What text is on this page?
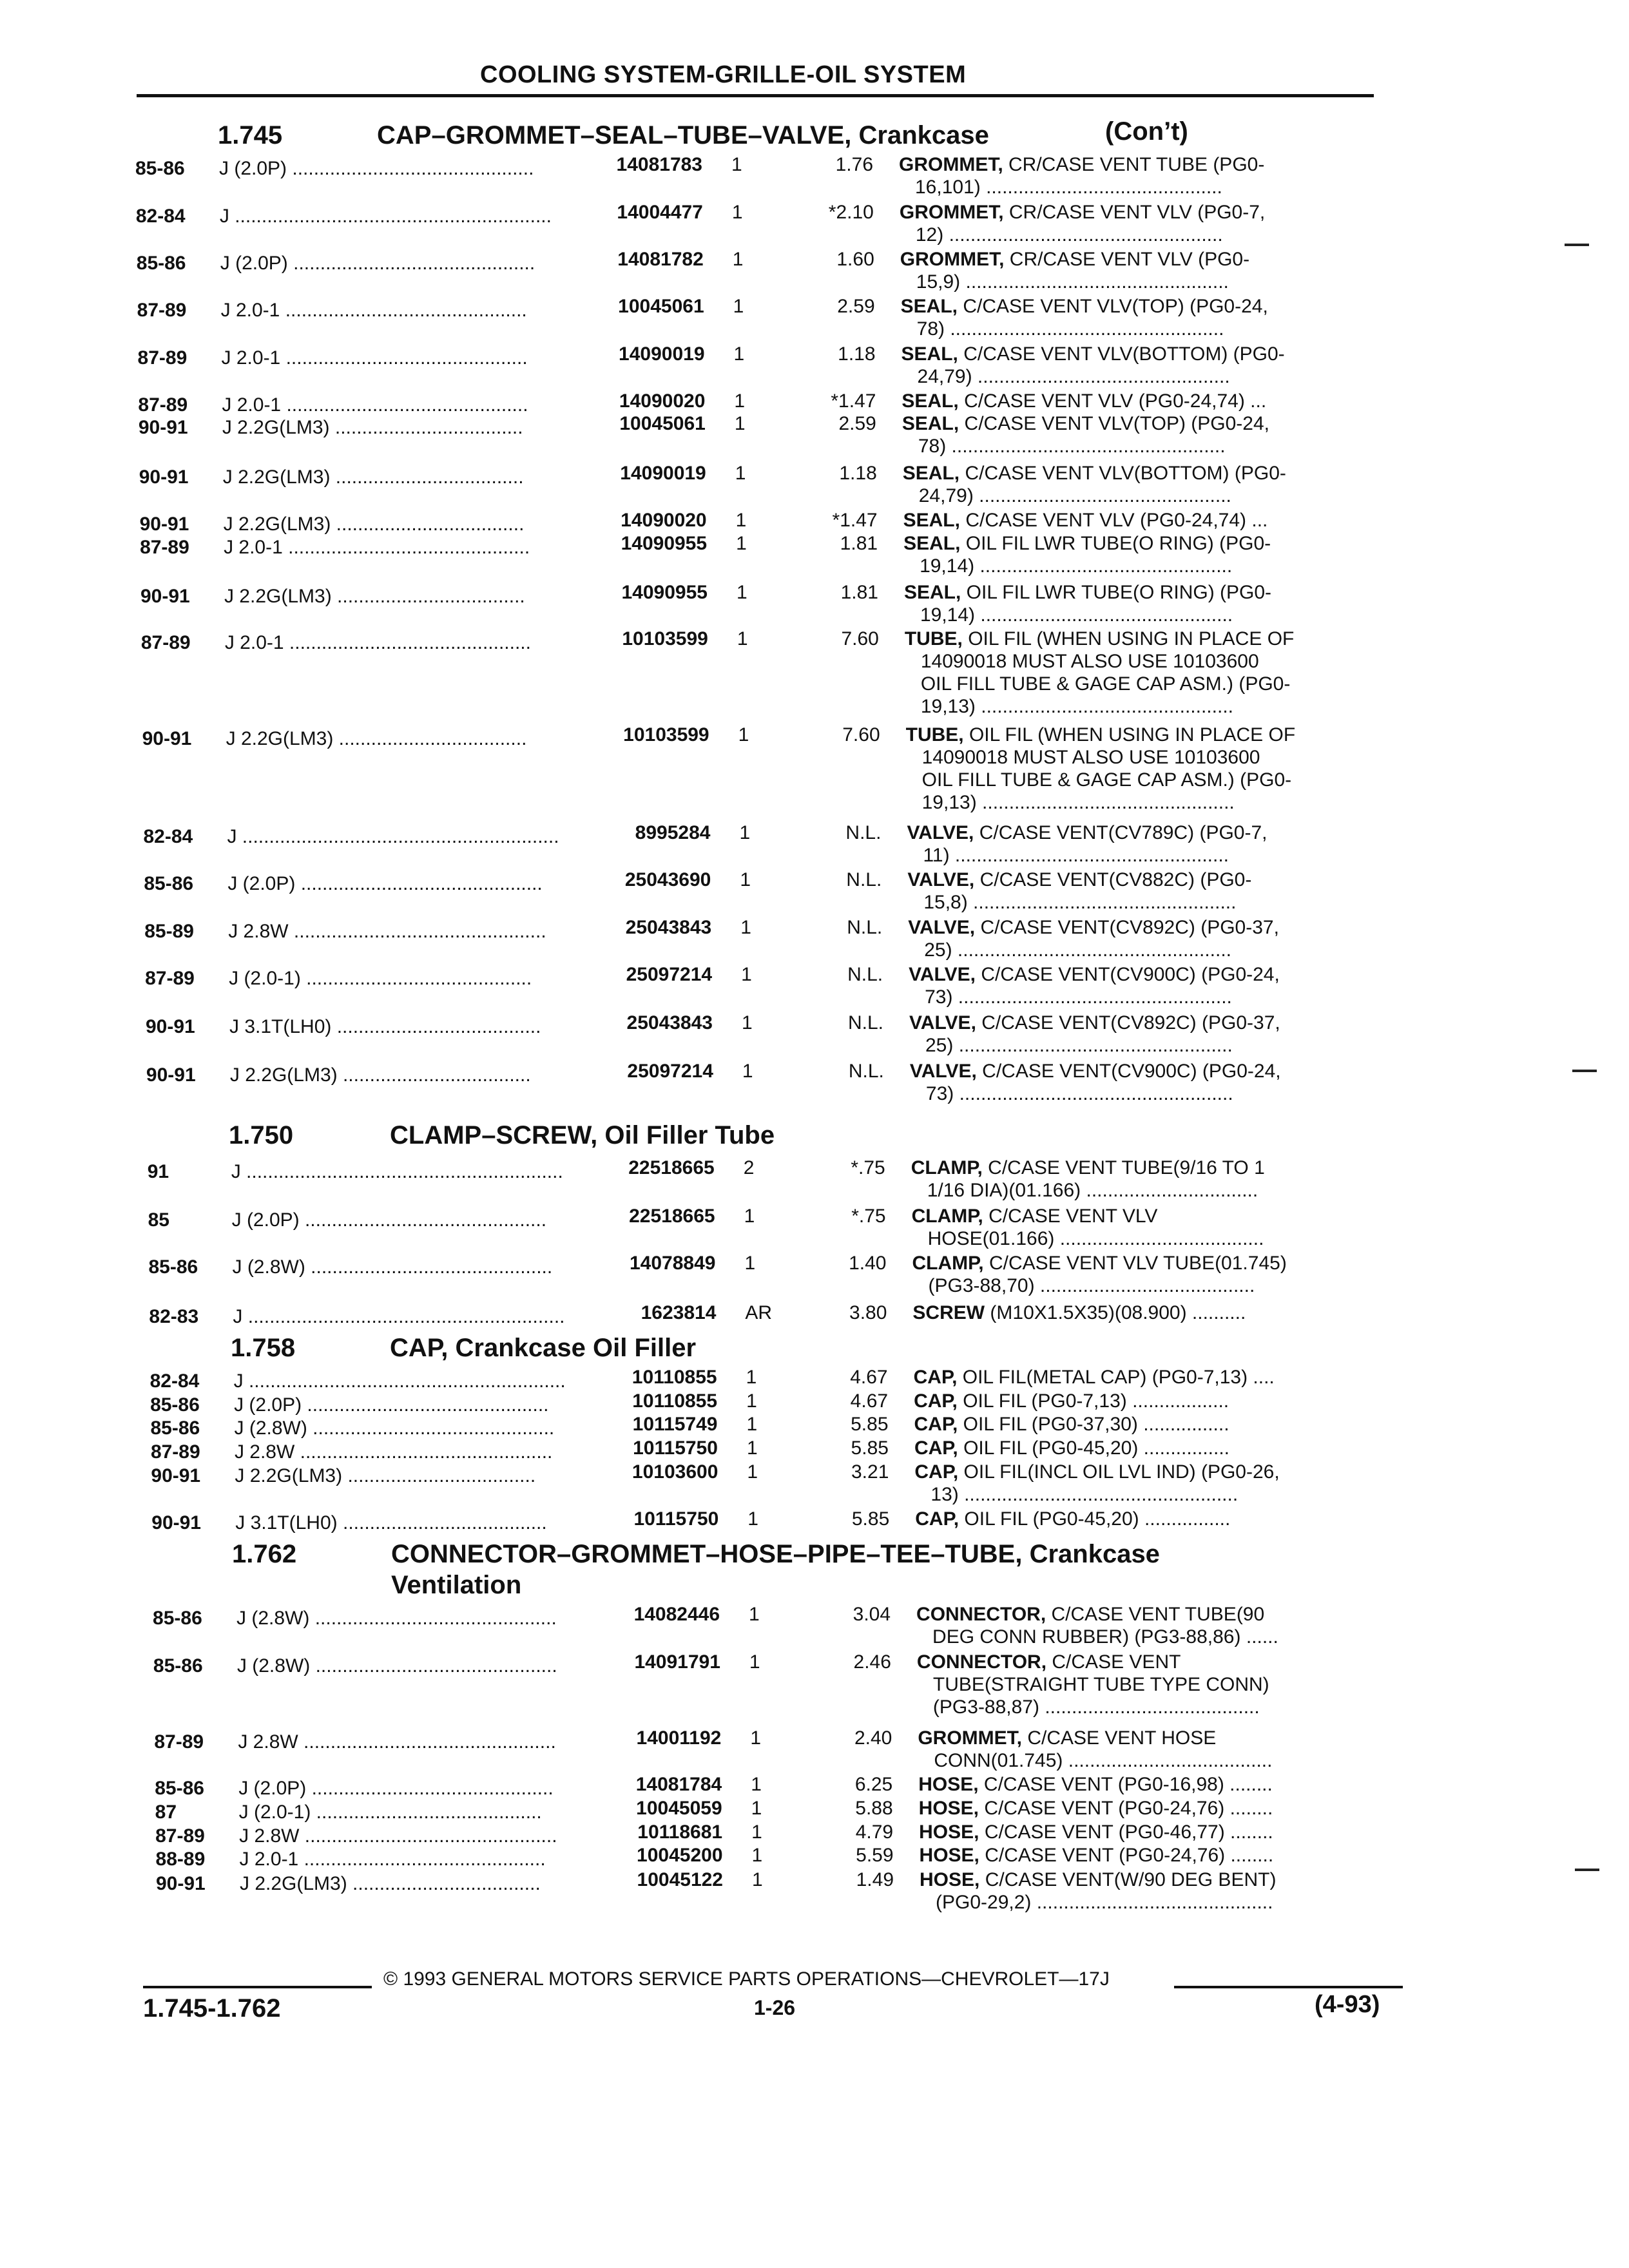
COOLING SYSTEM-GRILLE-OIL SYSTEM
1.745	CAP–GROMMET–SEAL–TUBE–VALVE, Crankcase	(Con’t)
85-86 J (2.0P) .............................................	14081783 1	1.76 GROMMET, CR/CASE VENT TUBE (PG0-
16,101) ............................................
82-84 J ...........................................................	14004477 1	*2.10 GROMMET, CR/CASE VENT VLV (PG0-7,
12) ...................................................
85-86 J (2.0P) .............................................	14081782 1	1.60 GROMMET, CR/CASE VENT VLV (PG0-
15,9) .................................................
87-89 J 2.0-1 .............................................	10045061 1	2.59 SEAL, C/CASE VENT VLV(TOP) (PG0-24,
78) ...................................................
87-89 J 2.0-1 .............................................	14090019 1	1.18 SEAL, C/CASE VENT VLV(BOTTOM) (PG0-
24,79) ...............................................
87-89 J 2.0-1 .............................................	14090020 1	*1.47 SEAL, C/CASE VENT VLV (PG0-24,74) ...
90-91 J 2.2G(LM3) ...................................	10045061 1	2.59 SEAL, C/CASE VENT VLV(TOP) (PG0-24,
78) ...................................................
90-91 J 2.2G(LM3) ...................................	14090019 1	1.18 SEAL, C/CASE VENT VLV(BOTTOM) (PG0-
24,79) ...............................................
90-91 J 2.2G(LM3) ...................................	14090020 1	*1.47 SEAL, C/CASE VENT VLV (PG0-24,74) ...
87-89 J 2.0-1 .............................................	14090955 1	1.81 SEAL, OIL FIL LWR TUBE(O RING) (PG0-
19,14) ...............................................
90-91 J 2.2G(LM3) ...................................	14090955 1	1.81 SEAL, OIL FIL LWR TUBE(O RING) (PG0-
19,14) ...............................................
87-89 J 2.0-1 .............................................	10103599 1	7.60 TUBE, OIL FIL (WHEN USING IN PLACE OF
14090018 MUST ALSO USE 10103600
OIL FILL TUBE & GAGE CAP ASM.) (PG0-
19,13) ...............................................
90-91 J 2.2G(LM3) ...................................	10103599 1	7.60 TUBE, OIL FIL (WHEN USING IN PLACE OF
14090018 MUST ALSO USE 10103600
OIL FILL TUBE & GAGE CAP ASM.) (PG0-
19,13) ...............................................
82-84 J ...........................................................	8995284 1	N.L. VALVE, C/CASE VENT(CV789C) (PG0-7,
11) ...................................................
85-86 J (2.0P) .............................................	25043690 1	N.L. VALVE, C/CASE VENT(CV882C) (PG0-
15,8) .................................................
85-89 J 2.8W ...............................................	25043843 1	N.L. VALVE, C/CASE VENT(CV892C) (PG0-37,
25) ...................................................
87-89 J (2.0-1) ..........................................	25097214 1	N.L. VALVE, C/CASE VENT(CV900C) (PG0-24,
73) ...................................................
90-91 J 3.1T(LH0) ......................................	25043843 1	N.L. VALVE, C/CASE VENT(CV892C) (PG0-37,
25) ...................................................
90-91 J 2.2G(LM3) ...................................	25097214 1	N.L. VALVE, C/CASE VENT(CV900C) (PG0-24,
73) ...................................................
1.750	CLAMP–SCREW, Oil Filler Tube
91	J ...........................................................	22518665 2	*.75 CLAMP, C/CASE VENT TUBE(9/16 TO 1
1/16 DIA)(01.166) ................................
85	J (2.0P) .............................................	22518665 1	*.75 CLAMP, C/CASE VENT VLV
HOSE(01.166) ......................................
85-86 J (2.8W) .............................................	14078849 1	1.40 CLAMP, C/CASE VENT VLV TUBE(01.745)
(PG3-88,70) ........................................
82-83 J ...........................................................	1623814 AR	3.80 SCREW (M10X1.5X35)(08.900) ..........
1.758	CAP, Crankcase Oil Filler
82-84 J ...........................................................	10110855 1	4.67 CAP, OIL FIL(METAL CAP) (PG0-7,13) ....
85-86 J (2.0P) .............................................	10110855 1	4.67 CAP, OIL FIL (PG0-7,13) ..................
85-86 J (2.8W) .............................................	10115749 1	5.85 CAP, OIL FIL (PG0-37,30) ................
87-89 J 2.8W ...............................................	10115750 1	5.85 CAP, OIL FIL (PG0-45,20) ................
90-91 J 2.2G(LM3) ...................................	10103600 1	3.21 CAP, OIL FIL(INCL OIL LVL IND) (PG0-26,
13) ...................................................
90-91 J 3.1T(LH0) ......................................	10115750 1	5.85 CAP, OIL FIL (PG0-45,20) ................
1.762	CONNECTOR–GROMMET–HOSE–PIPE–TEE–TUBE, Crankcase
Ventilation
85-86 J (2.8W) .............................................	14082446 1	3.04 CONNECTOR, C/CASE VENT TUBE(90
DEG CONN RUBBER) (PG3-88,86) ......
85-86 J (2.8W) .............................................	14091791 1	2.46 CONNECTOR, C/CASE VENT
TUBE(STRAIGHT TUBE TYPE CONN)
(PG3-88,87) ........................................
87-89 J 2.8W ...............................................	14001192 1	2.40 GROMMET, C/CASE VENT HOSE
CONN(01.745) ......................................
85-86 J (2.0P) .............................................	14081784 1	6.25 HOSE, C/CASE VENT (PG0-16,98) ........
87	J (2.0-1) ..........................................	10045059 1	5.88 HOSE, C/CASE VENT (PG0-24,76) ........
87-89 J 2.8W ...............................................	10118681 1	4.79 HOSE, C/CASE VENT (PG0-46,77) ........
88-89 J 2.0-1 .............................................	10045200 1	5.59 HOSE, C/CASE VENT (PG0-24,76) ........
90-91 J 2.2G(LM3) ...................................	10045122 1	1.49 HOSE, C/CASE VENT(W/90 DEG BENT)
(PG0-29,2) ............................................
© 1993 GENERAL MOTORS SERVICE PARTS OPERATIONS—CHEVROLET—17J
1.745-1.762	1-26	(4-93)
